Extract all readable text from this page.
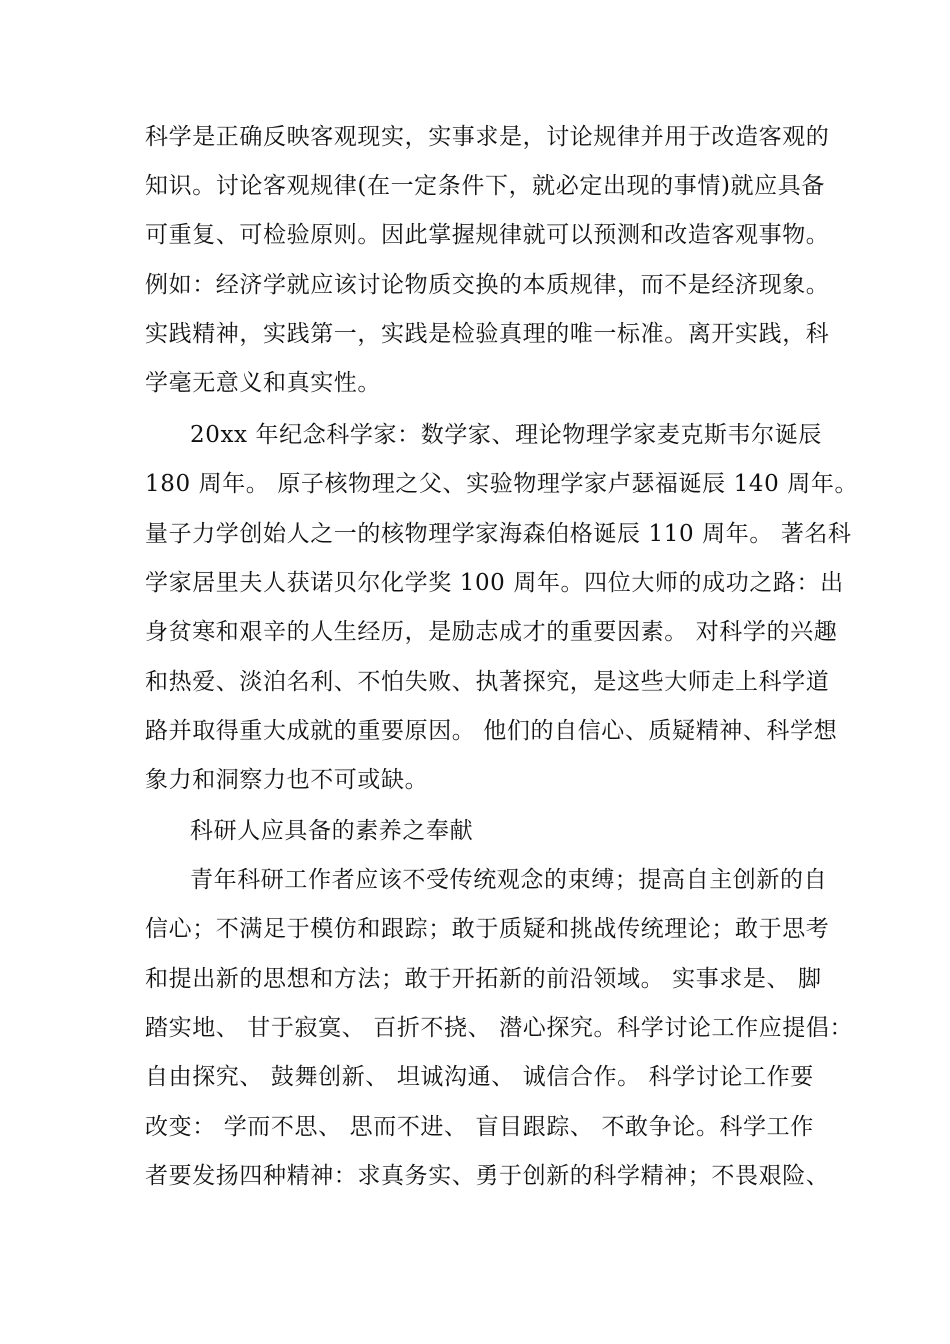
科学是正确反映客观现实，实事求是，讨论规律并用于改造客观的
知识。讨论客观规律(在一定条件下，就必定出现的事情)就应具备
可重复、可检验原则。因此掌握规律就可以预测和改造客观事物。
例如：经济学就应该讨论物质交换的本质规律，而不是经济现象。
实践精神，实践第一，实践是检验真理的唯一标准。离开实践，科
学毫无意义和真实性。
20xx 年纪念科学家：数学家、理论物理学家麦克斯韦尔诞辰
180 周年。 原子核物理之父、实验物理学家卢瑟福诞辰 140 周年。
量子力学创始人之一的核物理学家海森伯格诞辰 110 周年。 著名科
学家居里夫人获诺贝尔化学奖 100 周年。四位大师的成功之路：出
身贫寒和艰辛的人生经历，是励志成才的重要因素。 对科学的兴趣
和热爱、淡泊名利、不怕失败、执著探究，是这些大师走上科学道
路并取得重大成就的重要原因。 他们的自信心、质疑精神、科学想
象力和洞察力也不可或缺。
科研人应具备的素养之奉献
青年科研工作者应该不受传统观念的束缚；提高自主创新的自
信心；不满足于模仿和跟踪；敢于质疑和挑战传统理论；敢于思考
和提出新的思想和方法；敢于开拓新的前沿领域。 实事求是、 脚
踏实地、 甘于寂寞、 百折不挠、 潜心探究。科学讨论工作应提倡：
自由探究、 鼓舞创新、 坦诚沟通、 诚信合作。 科学讨论工作要
改变： 学而不思、 思而不进、 盲目跟踪、 不敢争论。科学工作
者要发扬四种精神：求真务实、勇于创新的科学精神；不畏艰险、
